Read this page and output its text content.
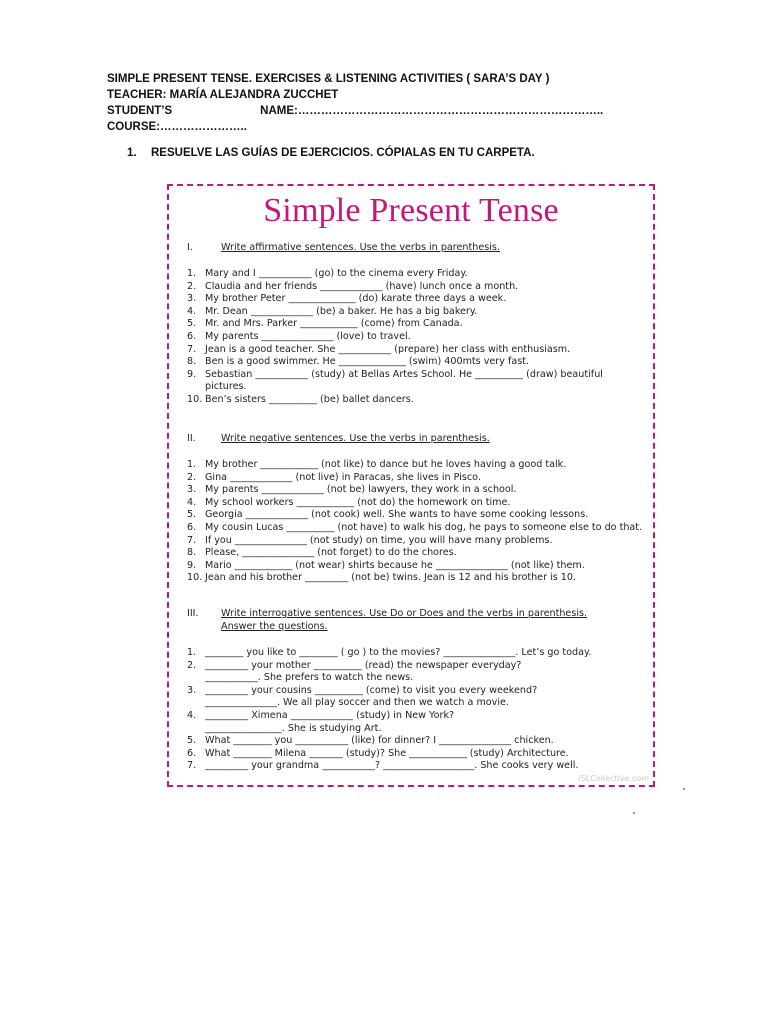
SIMPLE PRESENT TENSE. EXERCISES & LISTENING ACTIVITIES ( SARA’S DAY )
TEACHER: MARÍA ALEJANDRA ZUCCHET
STUDENT’S	NAME:……………………………………………………………………..
COURSE:…………………..
1. RESUELVE LAS GUÍAS DE EJERCICIOS. CÓPIALAS EN TU CARPETA.
Simple Present Tense
I.	Write affirmative sentences. Use the verbs in parenthesis.
1. Mary and I ___________ (go) to the cinema every Friday.
2. Claudia and her friends _____________ (have) lunch once a month.
3. My brother Peter ______________ (do) karate three days a week.
4. Mr. Dean _____________ (be) a baker. He has a big bakery.
5. Mr. and Mrs. Parker ____________ (come) from Canada.
6. My parents _______________ (love) to travel.
7. Jean is a good teacher. She ___________ (prepare) her class with enthusiasm.
8. Ben is a good swimmer. He ______________ (swim) 400mts very fast.
9. Sebastian ___________ (study) at Bellas Artes School. He __________ (draw) beautiful
pictures.
10. Ben’s sisters __________ (be) ballet dancers.
II.	Write negative sentences. Use the verbs in parenthesis.
1. My brother ____________ (not like) to dance but he loves having a good talk.
2. Gina _____________ (not live) in Paracas, she lives in Pisco.
3. My parents _____________ (not be) lawyers, they work in a school.
4. My school workers ____________ (not do) the homework on time.
5. Georgia _____________ (not cook) well. She wants to have some cooking lessons.
6. My cousin Lucas __________ (not have) to walk his dog, he pays to someone else to do that.
7. If you _______________ (not study) on time, you will have many problems.
8. Please, _______________ (not forget) to do the chores.
9. Mario ____________ (not wear) shirts because he _______________ (not like) them.
10. Jean and his brother _________ (not be) twins. Jean is 12 and his brother is 10.
III.	Write interrogative sentences. Use Do or Does and the verbs in parenthesis.
Answer the questions.
1. ________ you like to ________ ( go ) to the movies? _______________. Let’s go today.
2. _________ your mother __________ (read) the newspaper everyday?
___________. She prefers to watch the news.
3. _________ your cousins __________ (come) to visit you every weekend?
_______________. We all play soccer and then we watch a movie.
4. _________ Ximena _____________ (study) in New York?
________________. She is studying Art.
5. What ________ you ___________ (like) for dinner? I _______________ chicken.
6. What ________ Milena _______ (study)? She ____________ (study) Architecture.
7. _________ your grandma ___________? ___________________. She cooks very well.
iSLCollective.com
